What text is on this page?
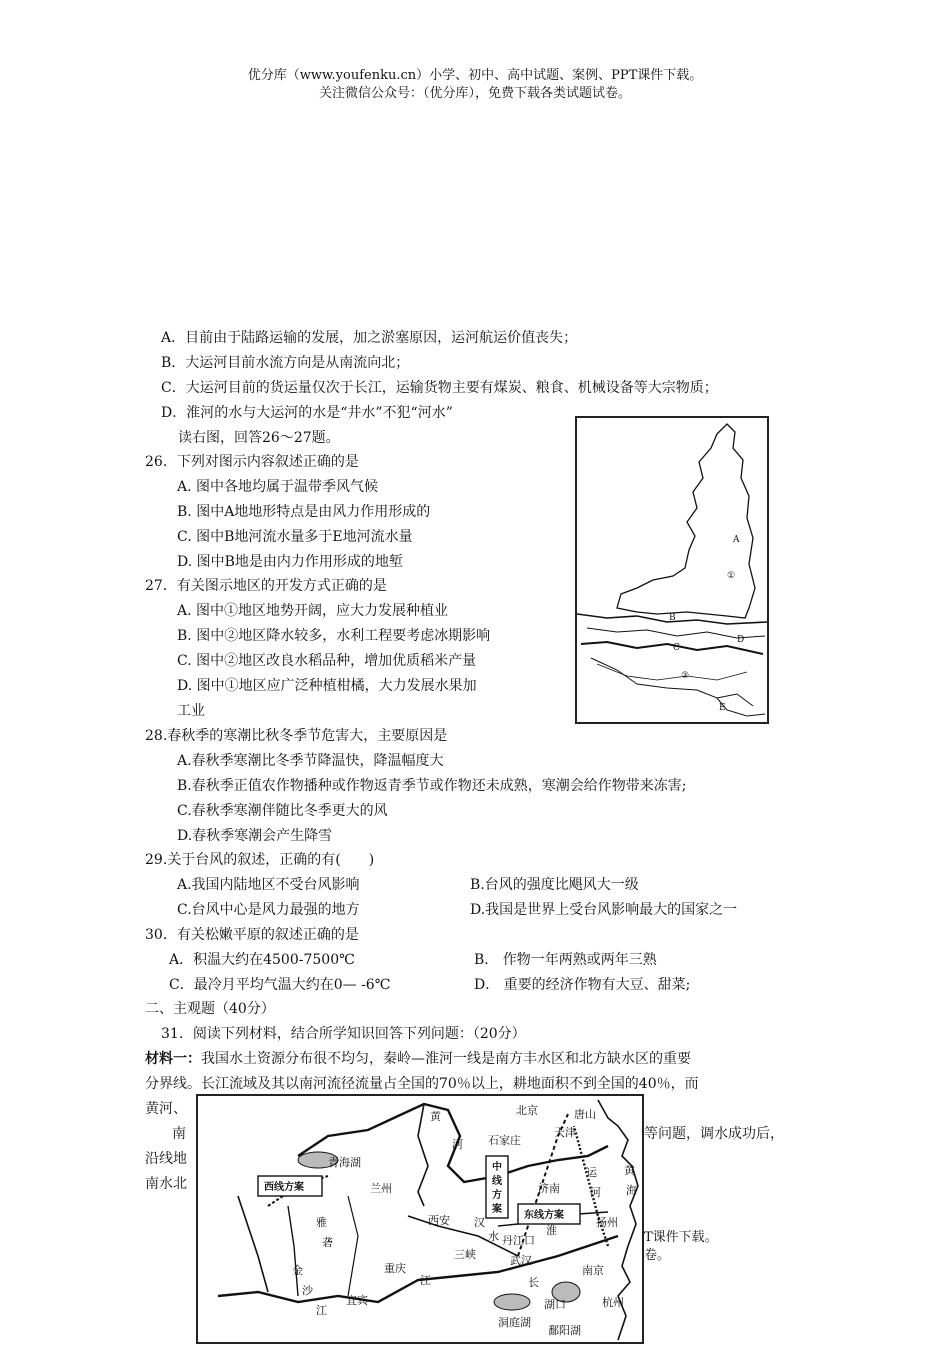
优分库（www.youfenku.cn）小学、初中、高中试题、案例、PPT课件下载。
关注微信公众号：（优分库），免费下载各类试题试卷。
A．目前由于陆路运输的发展，加之淤塞原因，运河航运价值丧失；
B．大运河目前水流方向是从南流向北；
C．大运河目前的货运量仅次于长江，运输货物主要有煤炭、粮食、机械设备等大宗物质；
D．淮河的水与大运河的水是“井水”不犯“河水”
读右图，回答26～27题。
26．下列对图示内容叙述正确的是
A. 图中各地均属于温带季风气候
B. 图中A地地形特点是由风力作用形成的
C. 图中B地河流水量多于E地河流水量
D. 图中B地是由内力作用形成的地堑
27．有关图示地区的开发方式正确的是
A. 图中①地区地势开阔，应大力发展种植业
B. 图中②地区降水较多，水利工程要考虑冰期影响
C. 图中②地区改良水稻品种，增加优质稻米产量
D. 图中①地区应广泛种植柑橘，大力发展水果加
工业
A
①
B
C
D
②
E
28.春秋季的寒潮比秋冬季节危害大，主要原因是
A.春秋季寒潮比冬季节降温快，降温幅度大
B.春秋季正值农作物播种或作物返青季节或作物还未成熟，寒潮会给作物带来冻害;
C.春秋季寒潮伴随比冬季更大的风
D.春秋季寒潮会产生降雪
29.关于台风的叙述，正确的有(　　)
A.我国内陆地区不受台风影响	B.台风的强度比飓风大一级
C.台风中心是风力最强的地方	D.我国是世界上受台风影响最大的国家之一
30．有关松嫩平原的叙述正确的是
A．积温大约在4500-7500℃	B． 作物一年两熟或两年三熟
C．最冷月平均气温大约在0— -6℃	D． 重要的经济作物有大豆、甜菜;
二、主观题（40分）
31．阅读下列材料，结合所学知识回答下列问题：（20分）
材料一：我国水土资源分布很不均匀，秦岭—淮河一线是南方丰水区和北方缺水区的重要
分界线。长江流域及其以南河流径流量占全国的70％以上，耕地面积不到全国的40％，而
黄河、
南
沿线地
南水北
等问题，调水成功后，
T课件下载。
卷。
西线方案
东线方案
中
线
方
案
黄
河
北京	唐山
天津
石家庄
青海湖
兰州	济南
西安 汉
水 丹江口
三峡	武汉
重庆
宜宾
江	长
金
沙
江
雅
砻
淮
扬州
南京
杭州
黄
海
洞庭湖
鄱阳湖
湖口
运
河
